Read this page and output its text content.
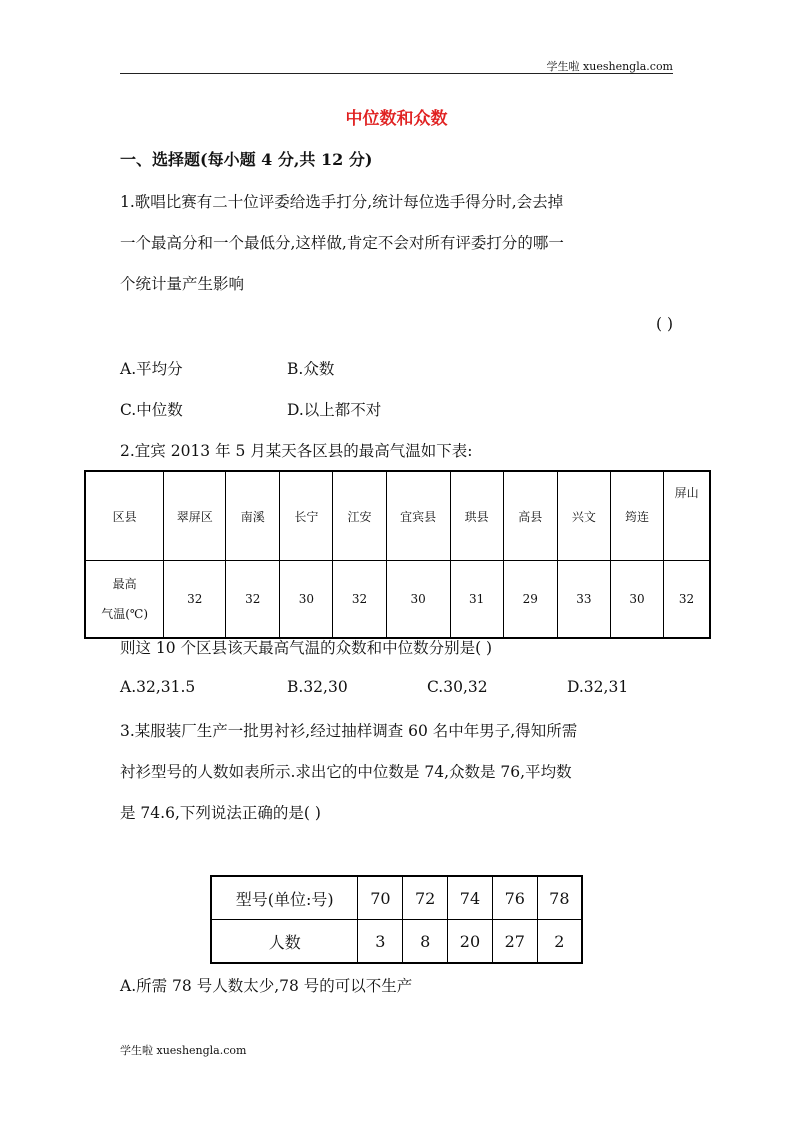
学生啦 xueshengla.com
中位数和众数
一、选择题(每小题 4 分,共 12 分)
1.歌唱比赛有二十位评委给选手打分,统计每位选手得分时,会去掉
一个最高分和一个最低分,这样做,肯定不会对所有评委打分的哪一
个统计量产生影响
( )
A.平均分	B.众数
C.中位数	D.以上都不对
2.宜宾 2013 年 5 月某天各区县的最高气温如下表:
区县	翠屏区	南溪	长宁	江安	宜宾县	珙县	高县	兴文	筠连	屏山

最高
气温(℃)	32	32	30	32	30	31	29	33	30	32
则这 10 个区县该天最高气温的众数和中位数分别是( )
A.32,31.5	B.32,30	C.30,32	D.32,31
3.某服装厂生产一批男衬衫,经过抽样调查 60 名中年男子,得知所需
衬衫型号的人数如表所示.求出它的中位数是 74,众数是 76,平均数
是 74.6,下列说法正确的是( )
型号(单位:号)	70	72	74	76	78
人数	3	8	20	27	2
A.所需 78 号人数太少,78 号的可以不生产
学生啦 xueshengla.com
